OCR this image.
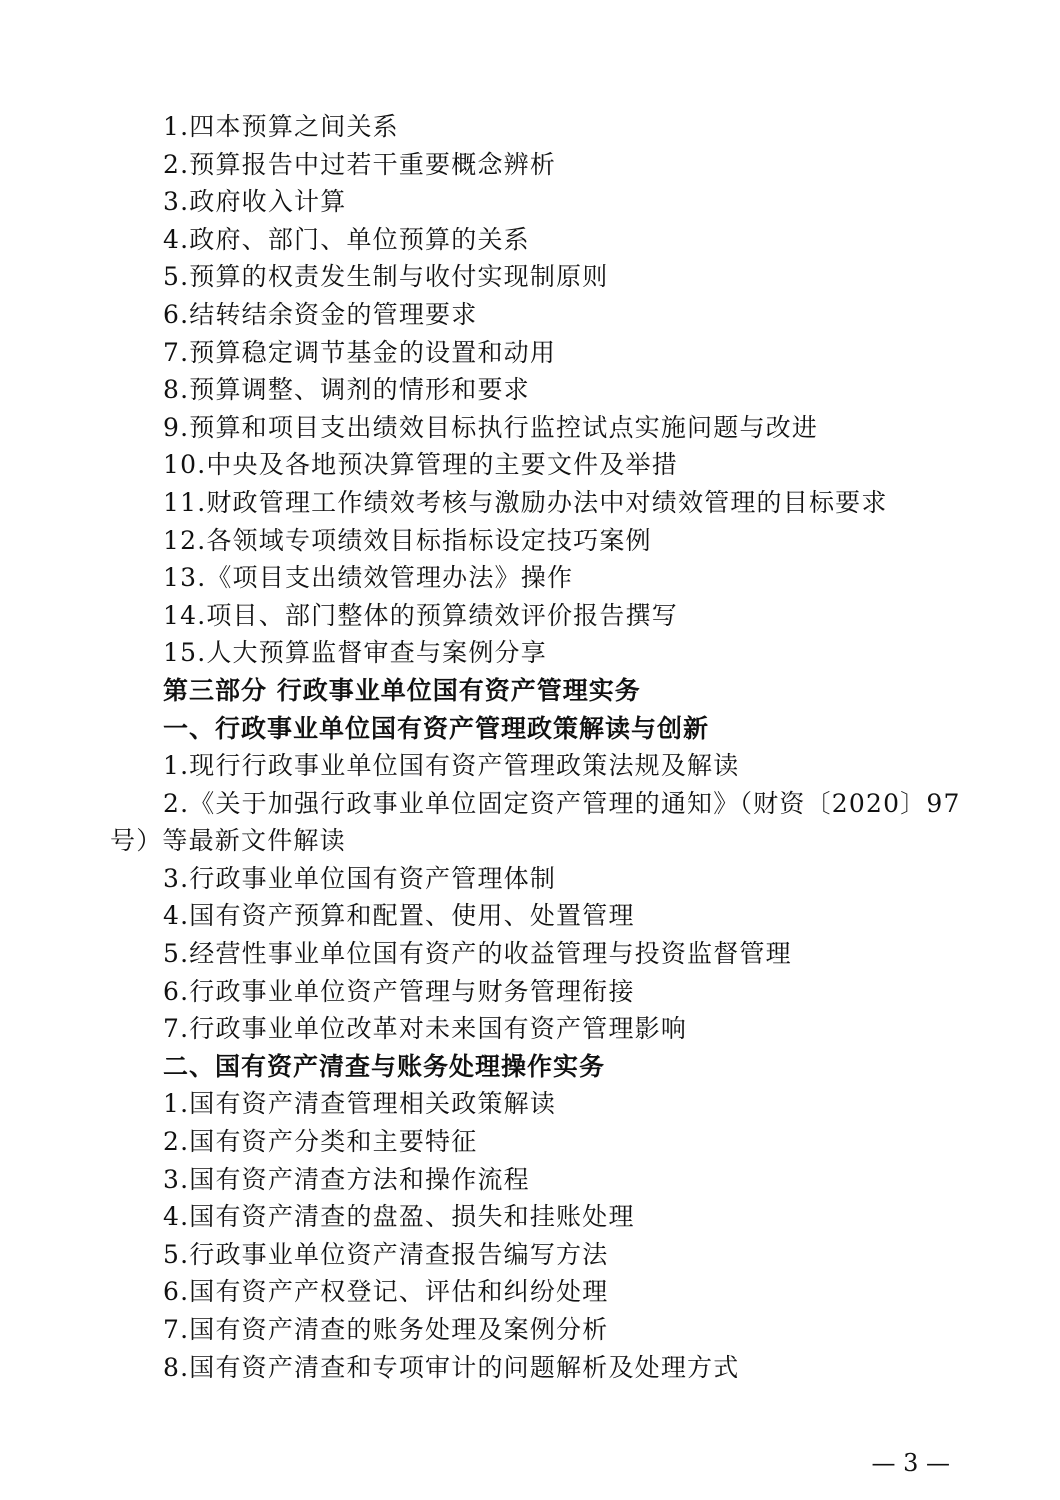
1.四本预算之间关系
2.预算报告中过若干重要概念辨析
3.政府收入计算
4.政府、部门、单位预算的关系
5.预算的权责发生制与收付实现制原则
6.结转结余资金的管理要求
7.预算稳定调节基金的设置和动用
8.预算调整、调剂的情形和要求
9.预算和项目支出绩效目标执行监控试点实施问题与改进
10.中央及各地预决算管理的主要文件及举措
11.财政管理工作绩效考核与激励办法中对绩效管理的目标要求
12.各领域专项绩效目标指标设定技巧案例
13.《项目支出绩效管理办法》操作
14.项目、部门整体的预算绩效评价报告撰写
15.人大预算监督审查与案例分享
第三部分 行政事业单位国有资产管理实务
一、行政事业单位国有资产管理政策解读与创新
1.现行行政事业单位国有资产管理政策法规及解读
2.《关于加强行政事业单位固定资产管理的通知》（财资〔2020〕97
号）等最新文件解读
3.行政事业单位国有资产管理体制
4.国有资产预算和配置、使用、处置管理
5.经营性事业单位国有资产的收益管理与投资监督管理
6.行政事业单位资产管理与财务管理衔接
7.行政事业单位改革对未来国有资产管理影响
二、国有资产清查与账务处理操作实务
1.国有资产清查管理相关政策解读
2.国有资产分类和主要特征
3.国有资产清查方法和操作流程
4.国有资产清查的盘盈、损失和挂账处理
5.行政事业单位资产清查报告编写方法
6.国有资产产权登记、评估和纠纷处理
7.国有资产清查的账务处理及案例分析
8.国有资产清查和专项审计的问题解析及处理方式
— 3 —
